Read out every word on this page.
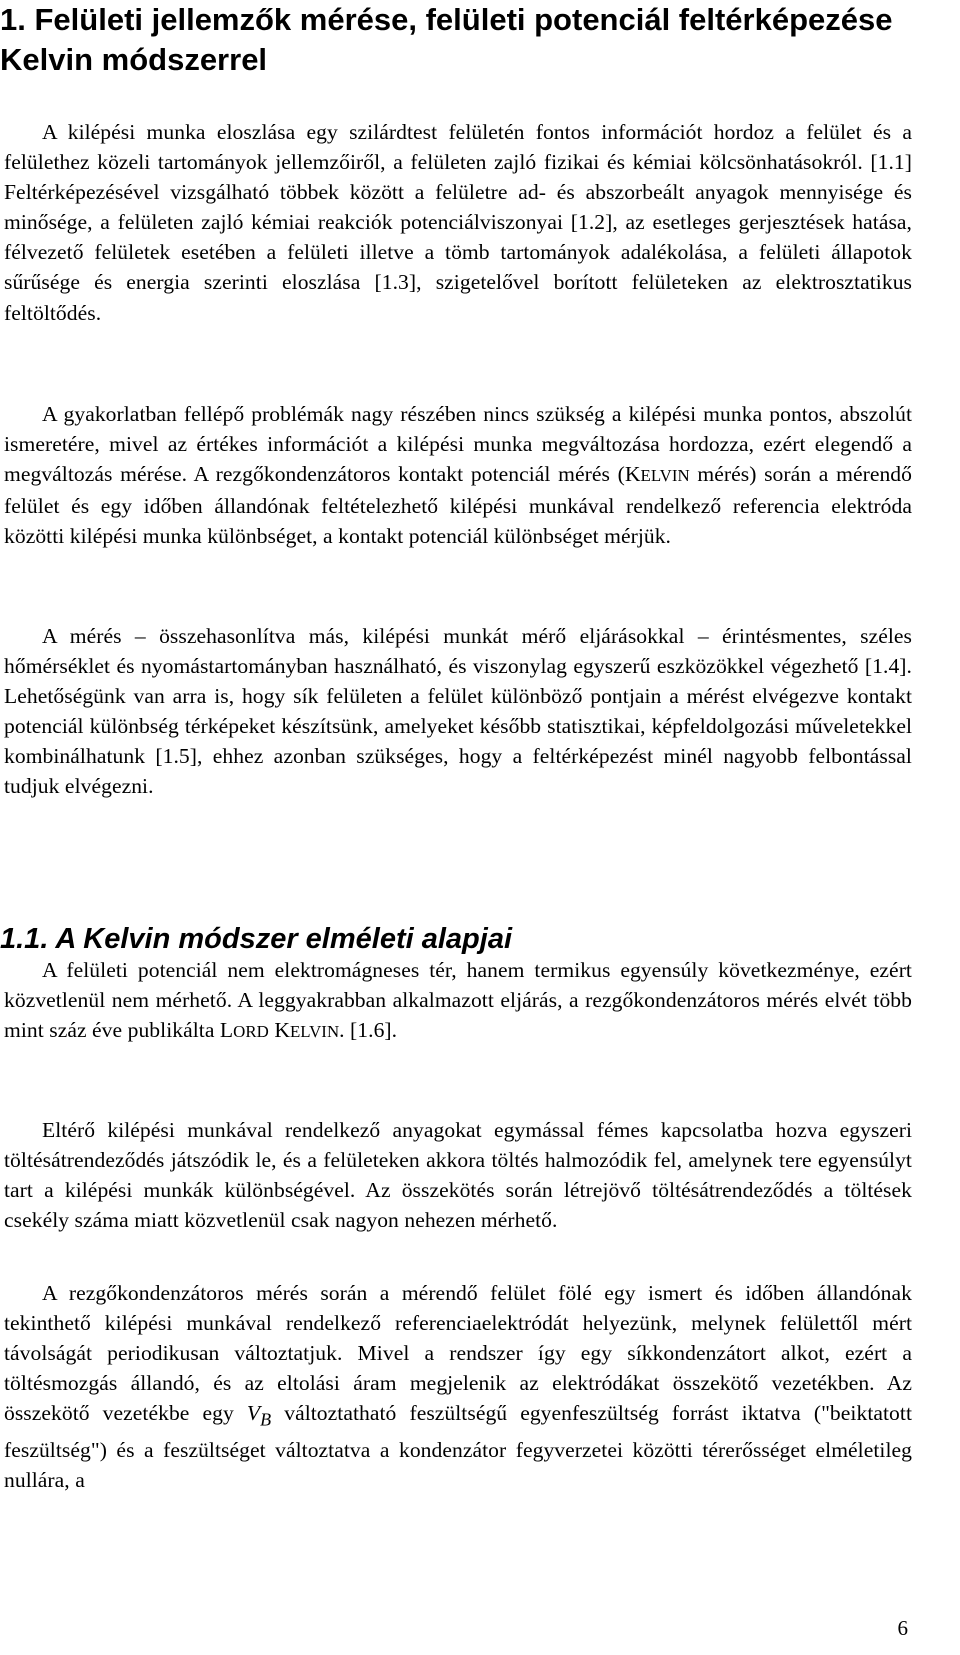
1. Felületi jellemzők mérése, felületi potenciál feltérképezése Kelvin módszerrel

A kilépési munka eloszlása egy szilárdtest felületén fontos információt hordoz a felület és a felülethez közeli tartományok jellemzőiről, a felületen zajló fizikai és kémiai kölcsönhatásokról. [1.1] Feltérképezésével vizsgálható többek között a felületre ad- és abszorbeált anyagok mennyisége és minősége, a felületen zajló kémiai reakciók potenciálviszonyai [1.2], az esetleges gerjesztések hatása, félvezető felületek esetében a felületi illetve a tömb tartományok adalékolása, a felületi állapotok sűrűsége és energia szerinti eloszlása [1.3], szigetelővel borított felületeken az elektrosztatikus feltöltődés.

A gyakorlatban fellépő problémák nagy részében nincs szükség a kilépési munka pontos, abszolút ismeretére, mivel az értékes információt a kilépési munka megváltozása hordozza, ezért elegendő a megváltozás mérése. A rezgőkondenzátoros kontakt potenciál mérés (KELVIN mérés) során a mérendő felület és egy időben állandónak feltételezhető kilépési munkával rendelkező referencia elektróda közötti kilépési munka különbséget, a kontakt potenciál különbséget mérjük.

A mérés – összehasonlítva más, kilépési munkát mérő eljárásokkal – érintésmentes, széles hőmérséklet és nyomástartományban használható, és viszonylag egyszerű eszközökkel végezhető [1.4]. Lehetőségünk van arra is, hogy sík felületen a felület különböző pontjain a mérést elvégezve kontakt potenciál különbség térképeket készítsünk, amelyeket később statisztikai, képfeldolgozási műveletekkel kombinálhatunk [1.5], ehhez azonban szükséges, hogy a feltérképezést minél nagyobb felbontással tudjuk elvégezni.

1.1. A Kelvin módszer elméleti alapjai

A felületi potenciál nem elektromágneses tér, hanem termikus egyensúly következménye, ezért közvetlenül nem mérhető. A leggyakrabban alkalmazott eljárás, a rezgőkondenzátoros mérés elvét több mint száz éve publikálta LORD KELVIN. [1.6].

Eltérő kilépési munkával rendelkező anyagokat egymással fémes kapcsolatba hozva egyszeri töltésátrendeződés játszódik le, és a felületeken akkora töltés halmozódik fel, amelynek tere egyensúlyt tart a kilépési munkák különbségével. Az összekötés során létrejövő töltésátrendeződés a töltések csekély száma miatt közvetlenül csak nagyon nehezen mérhető.

A rezgőkondenzátoros mérés során a mérendő felület fölé egy ismert és időben állandónak tekinthető kilépési munkával rendelkező referenciaelektródát helyezünk, melynek felülettől mért távolságát periodikusan változtatjuk. Mivel a rendszer így egy síkkondenzátort alkot, ezért a töltésmozgás állandó, és az eltolási áram megjelenik az elektródákat összekötő vezetékben. Az összekötő vezetékbe egy $V_B$ változtatható feszültségű egyenfeszültség forrást iktatva ("beiktatott feszültség") és a feszültséget változtatva a kondenzátor fegyverzetei közötti térerősséget elméletileg nullára, a

6
